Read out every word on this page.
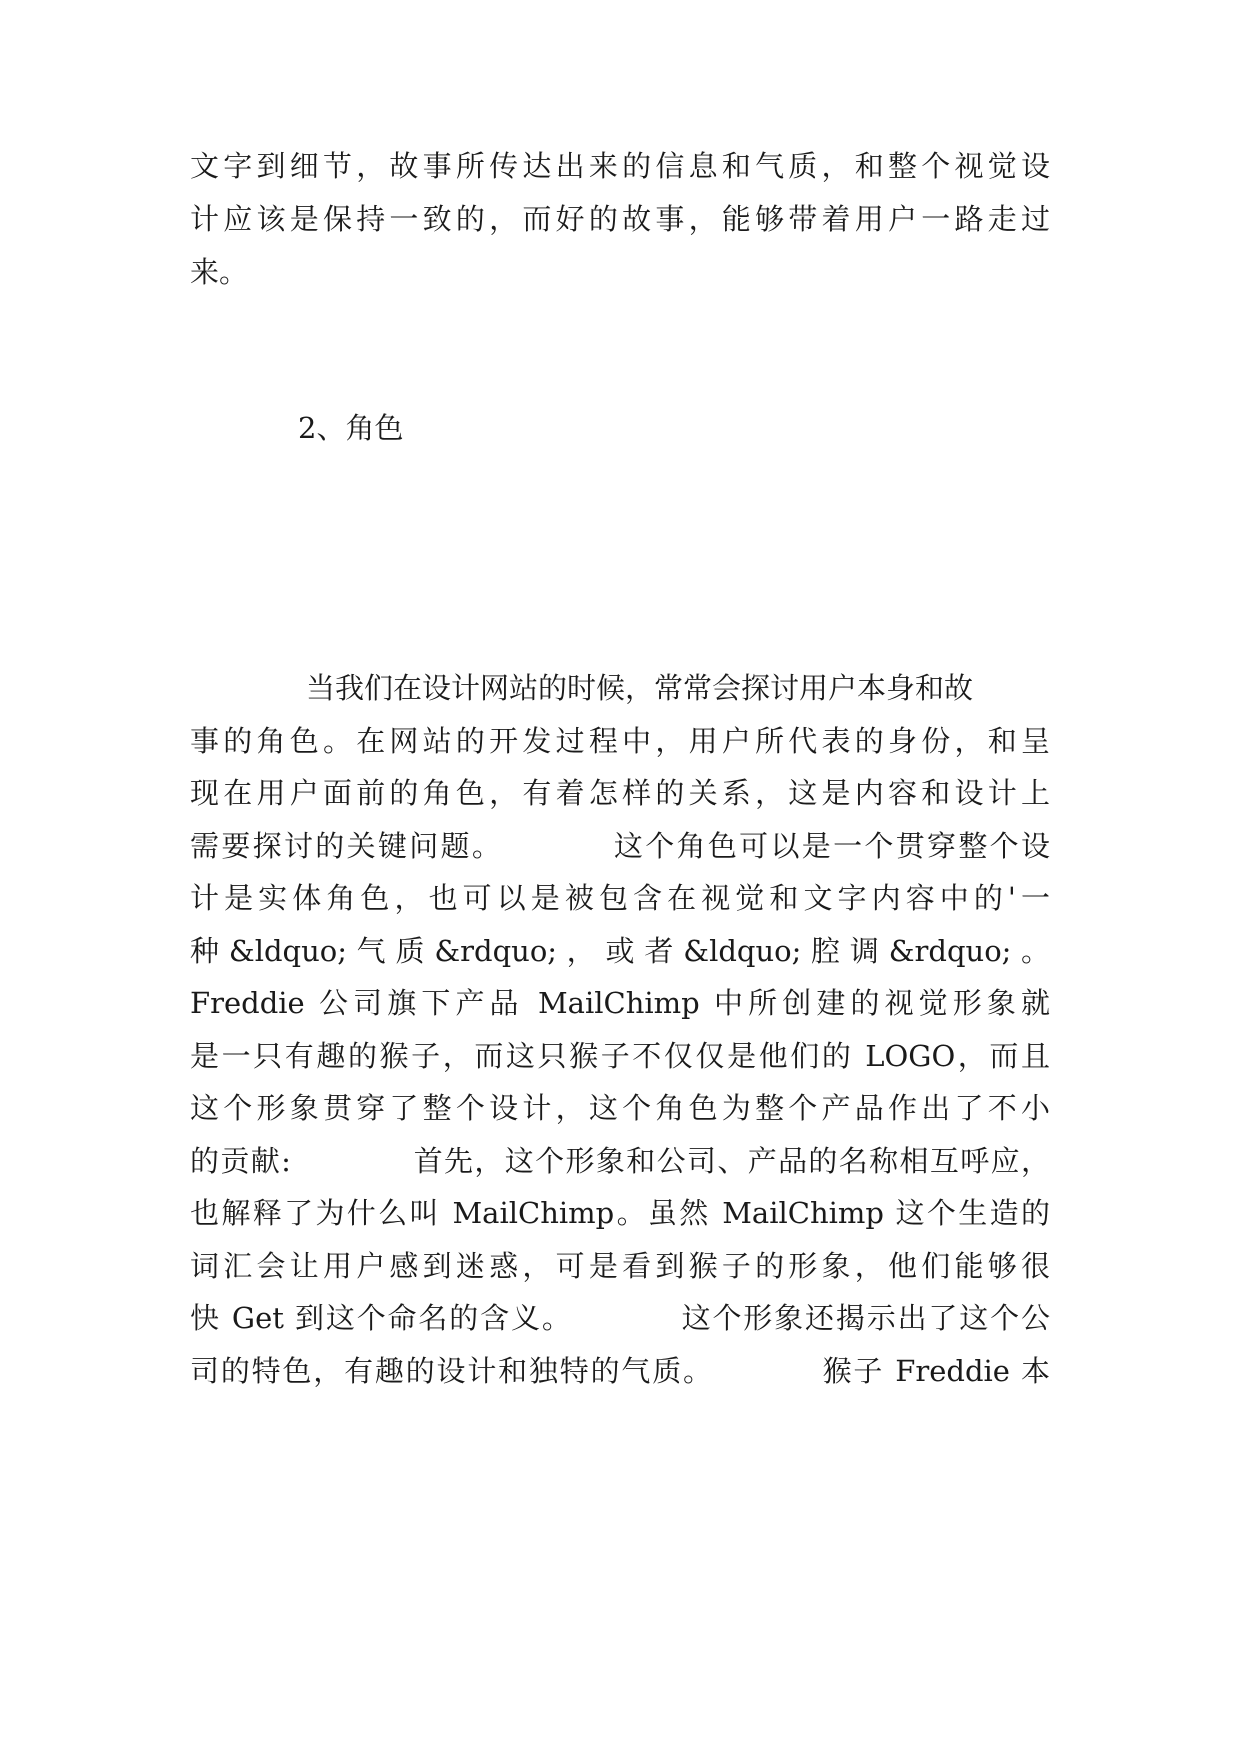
文字到细节，故事所传达出来的信息和气质，和整个视觉设
计应该是保持一致的，而好的故事，能够带着用户一路走过
来。
2、角色
　　　　当我们在设计网站的时候，常常会探讨用户本身和故
事的角色。在网站的开发过程中，用户所代表的身份，和呈
现在用户面前的角色，有着怎样的关系，这是内容和设计上
需要探讨的关键问题。　　　　这个角色可以是一个贯穿整个设
计是实体角色，也可以是被包含在视觉和文字内容中的'一
种 &ldquo; 气 质 &rdquo; ， 或 者 &ldquo; 腔 调 &rdquo; 。
Freddie 公司旗下产品 MailChimp 中所创建的视觉形象就
是一只有趣的猴子，而这只猴子不仅仅是他们的 LOGO，而且
这个形象贯穿了整个设计，这个角色为整个产品作出了不小
的贡献:　　　　首先，这个形象和公司、产品的名称相互呼应，
也解释了为什么叫 MailChimp。虽然 MailChimp 这个生造的
词汇会让用户感到迷惑，可是看到猴子的形象，他们能够很
快 Get 到这个命名的含义。　　　　这个形象还揭示出了这个公
司的特色，有趣的设计和独特的气质。　　　　猴子 Freddie 本
